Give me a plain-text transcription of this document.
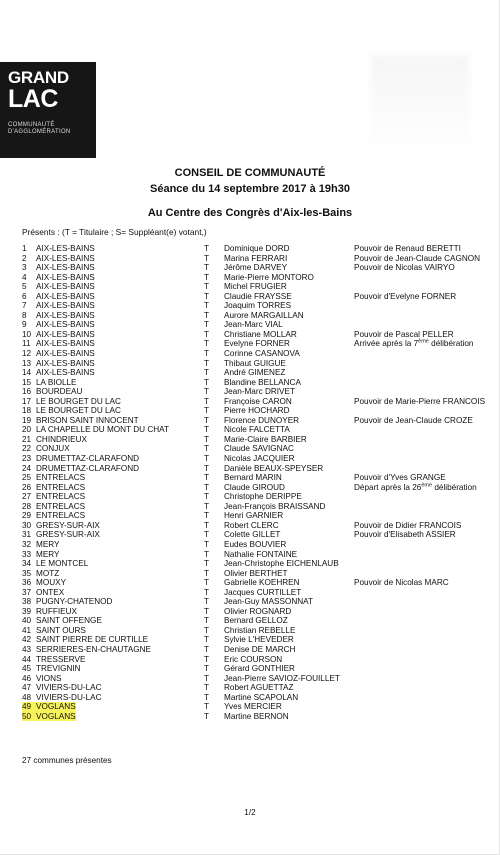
GRAND
LAC
COMMUNAUTÉ
D'AGGLOMÉRATION
CONSEIL DE COMMUNAUTÉ
Séance du 14 septembre 2017 à 19h30
Au Centre des Congrès d'Aix-les-Bains
Présents : (T = Titulaire ; S= Suppléant(e) votant,)
1	AIX-LES-BAINS	T Dominique DORD	Pouvoir de Renaud BERETTI
2	AIX-LES-BAINS	T Marina FERRARI	Pouvoir de Jean-Claude CAGNON
3	AIX-LES-BAINS	T Jérôme DARVEY	Pouvoir de Nicolas VAIRYO
4	AIX-LES-BAINS	T Marie-Pierre MONTORO
5	AIX-LES-BAINS	T Michel FRUGIER
6	AIX-LES-BAINS	T Claudie FRAYSSE	Pouvoir d'Evelyne FORNER
7	AIX-LES-BAINS	T Joaquim TORRES
8	AIX-LES-BAINS	T Aurore MARGAILLAN
9	AIX-LES-BAINS	T Jean-Marc VIAL
10 AIX-LES-BAINS	T Christiane MOLLAR	Pouvoir de Pascal PELLER
11 AIX-LES-BAINS	T Evelyne FORNER	Arrivée après la 7ème délibération
12 AIX-LES-BAINS	T Corinne CASANOVA
13 AIX-LES-BAINS	T Thibaut GUIGUE
14 AIX-LES-BAINS	T André GIMENEZ
15 LA BIOLLE	T Blandine BELLANCA
16 BOURDEAU	T Jean-Marc DRIVET
17 LE BOURGET DU LAC	T Françoise CARON	Pouvoir de Marie-Pierre FRANCOIS
18 LE BOURGET DU LAC	T Pierre HOCHARD
19 BRISON SAINT INNOCENT	T Florence DUNOYER	Pouvoir de Jean-Claude CROZE
20 LA CHAPELLE DU MONT DU CHAT	T Nicole FALCETTA
21 CHINDRIEUX	T Marie-Claire BARBIER
22 CONJUX	T Claude SAVIGNAC
23 DRUMETTAZ-CLARAFOND	T Nicolas JACQUIER
24 DRUMETTAZ-CLARAFOND	T Danièle BEAUX-SPEYSER
25 ENTRELACS	T Bernard MARIN	Pouvoir d'Yves GRANGE
26 ENTRELACS	T Claude GIROUD	Départ après la 26ème délibération
27 ENTRELACS	T Christophe DERIPPE
28 ENTRELACS	T Jean-François BRAISSAND
29 ENTRELACS	T Henri GARNIER
30 GRESY-SUR-AIX	T Robert CLERC	Pouvoir de Didier FRANCOIS
31 GRESY-SUR-AIX	T Colette GILLET	Pouvoir d'Elisabeth ASSIER
32 MERY	T Eudes BOUVIER
33 MERY	T Nathalie FONTAINE
34 LE MONTCEL	T Jean-Christophe EICHENLAUB
35 MOTZ	T Olivier BERTHET
36 MOUXY	T Gabrielle KOEHREN	Pouvoir de Nicolas MARC
37 ONTEX	T Jacques CURTILLET
38 PUGNY-CHATENOD	T Jean-Guy MASSONNAT
39 RUFFIEUX	T Olivier ROGNARD
40 SAINT OFFENGE	T Bernard GELLOZ
41 SAINT OURS	T Christian REBELLE
42 SAINT PIERRE DE CURTILLE	T Sylvie L'HEVEDER
43 SERRIERES-EN-CHAUTAGNE	T Denise DE MARCH
44 TRESSERVE	T Eric COURSON
45 TREVIGNIN	T Gérard GONTHIER
46 VIONS	T Jean-Pierre SAVIOZ-FOUILLET
47 VIVIERS-DU-LAC	T Robert AGUETTAZ
48 VIVIERS-DU-LAC	T Martine SCAPOLAN
49 VOGLANS	T Yves MERCIER
50 VOGLANS	T Martine BERNON
27 communes présentes
1/2
